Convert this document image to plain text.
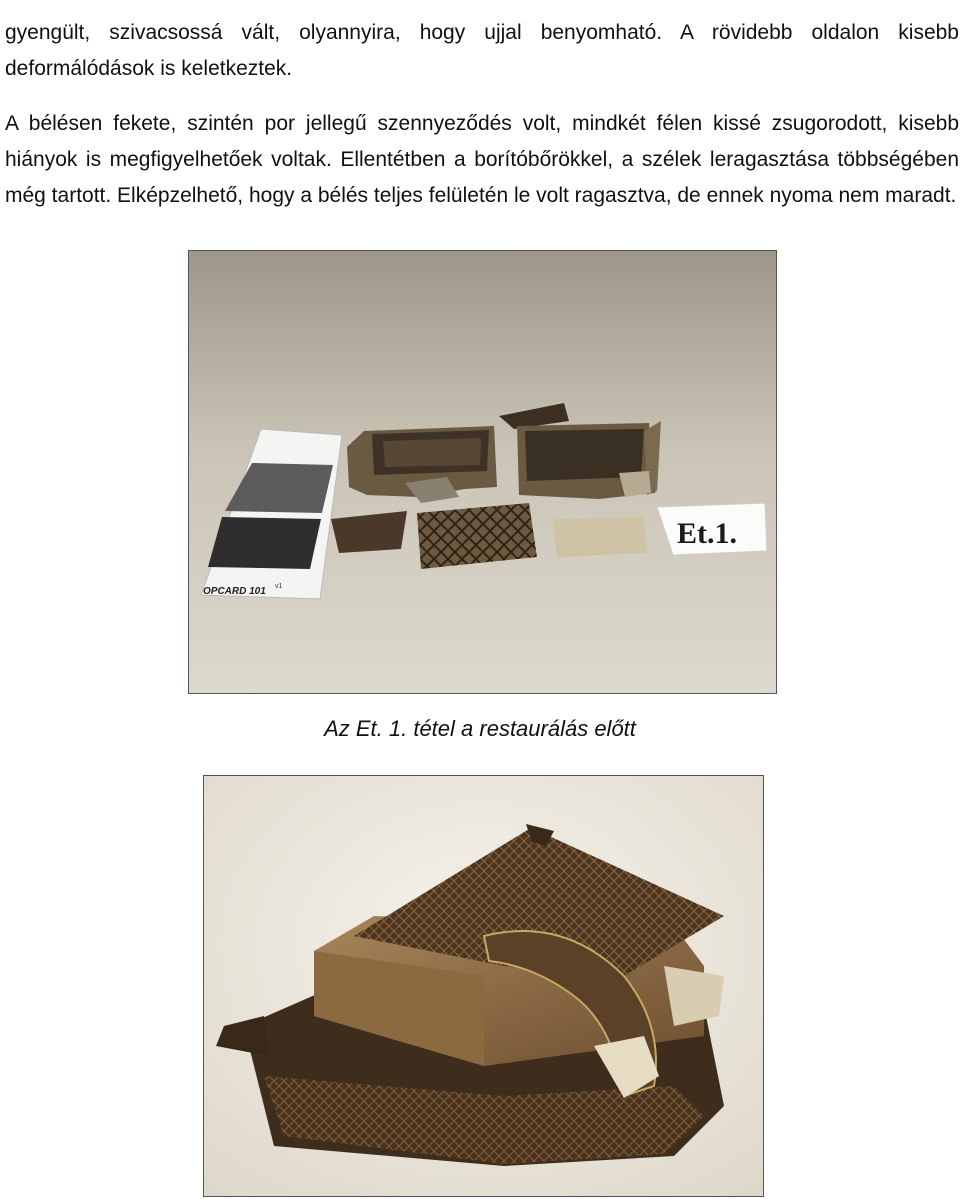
gyengült, szivacsossá vált, olyannyira, hogy ujjal benyomható. A rövidebb oldalon kisebb deformálódások is keletkeztek.

A bélésen fekete, szintén por jellegű szennyeződés volt, mindkét félen kissé zsugorodott, kisebb hiányok is megfigyelhetőek voltak. Ellentétben a borítóbőrökkel, a szélek leragasztása többségében még tartott. Elképzelhető, hogy a bélés teljes felületén le volt ragasztva, de ennek nyoma nem maradt.

OPCARD 101 v1
Et.1.
Az Et. 1. tétel a restaurálás előtt
